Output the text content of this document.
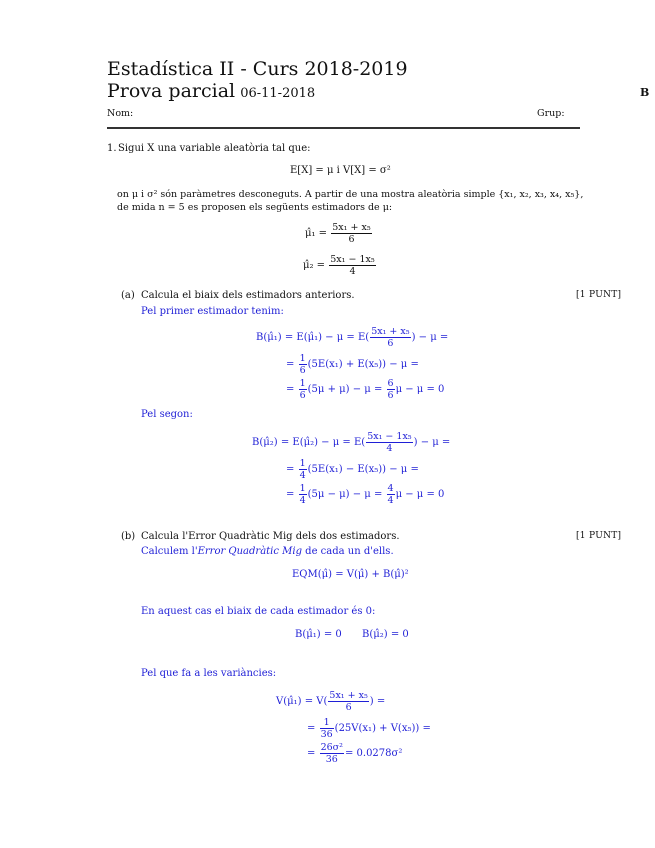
Estadística II - Curs 2018-2019
Prova parcial 06-11-2018	B
Nom:	Grup:
1. Sigui X una variable aleatòria tal que:
E[X] = μ i V[X] = σ²
on μ i σ² són paràmetres desconeguts. A partir de una mostra aleatòria simple {x₁, x₂, x₃, x₄, x₅},
de mida n = 5 es proposen els següents estimadors de μ:
μ̂₁ = $\frac{\text{5x₁ + x₅}}{6}$
μ̂₂ = $\frac{\text{5x₁ − 1x₅}}{4}$
(a) Calcula el biaix dels estimadors anteriors.	[1 PUNT]
Pel primer estimador tenim:
B(μ̂₁) = E(μ̂₁) − $\mu = E( \frac{\text{5x₁ + x₅}}{6}$ ) − μ =
= $\frac{1}{6} (5E(x_1) + E(x_5)) - \mu$ =
= $\frac{1}{6} (5\mu + \mu) - \mu = \frac{6}{6}$ μ − μ = 0
Pel segon:
B(μ̂₂) = E(μ̂₂) − $\mu = E( \frac{\text{5x₁ − 1x₅}}{4}$ ) − μ =
= $\frac{1}{4} (5E(x_1) - E(x_5)) - \mu$ =
= $\frac{1}{4} (5\mu - \mu) - \mu = \frac{4}{4}$ μ − μ = 0
(b) Calcula l'Error Quadràtic Mig dels dos estimadors.	[1 PUNT]
Calculem l'Error Quadràtic Mig de cada un d'ells.
EQM(μ̂) = V(μ̂) + B(μ̂)²
En aquest cas el biaix de cada estimador és 0:
B(μ̂₁) = 0 B(μ̂₂) = 0
Pel que fa a les variàncies:
V(μ̂₁) = $V( \frac{\text{5x₁ + x₅}}{6}$ ) =
= $\frac{1}{36} (25V(x_1) + V(x_5))$ =
= $\frac{\text{26σ²}}{36} = 0.0278\sigma^2$
